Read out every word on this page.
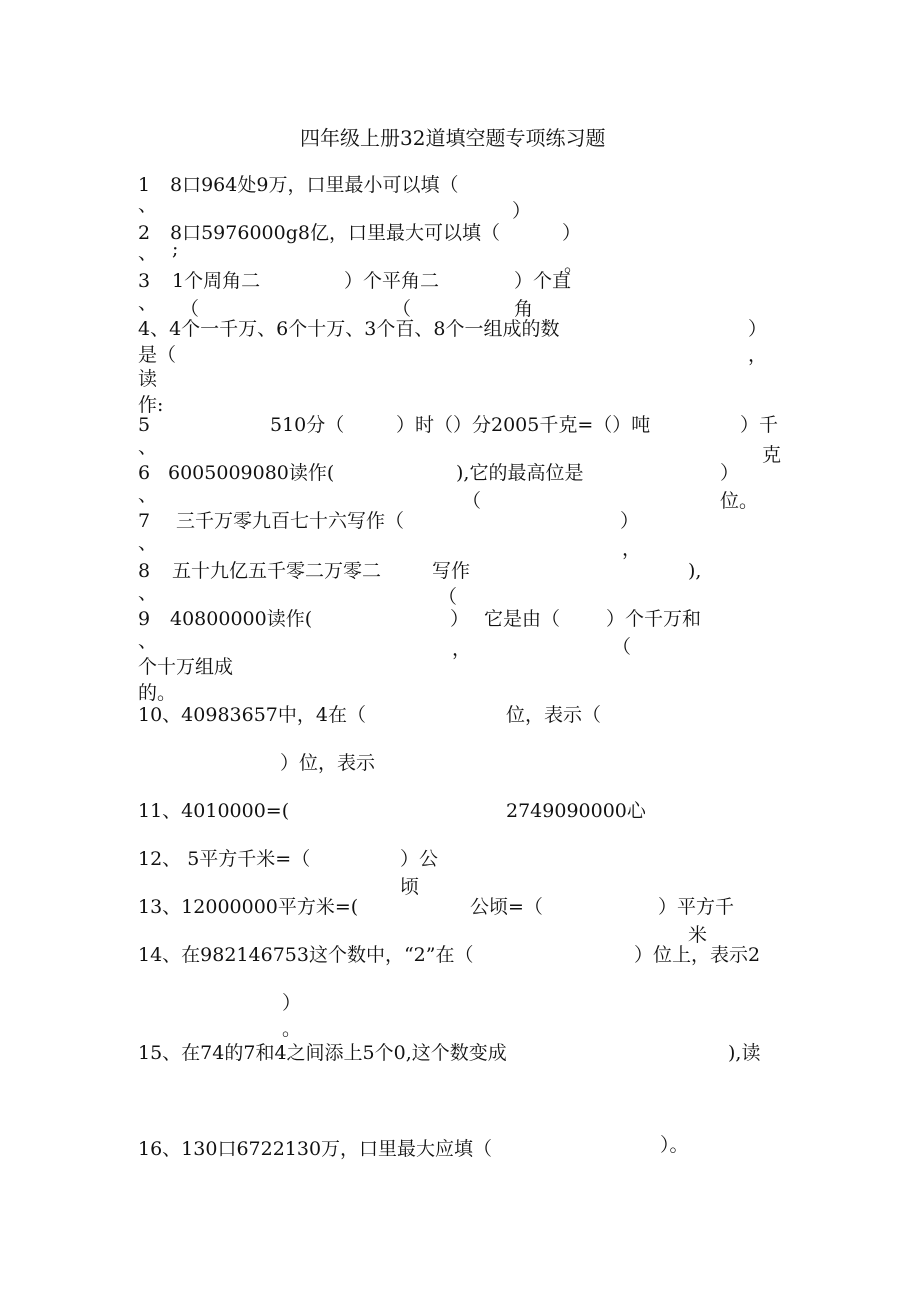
四年级上册32道填空题专项练习题
1
、
8口964处9万，口里最小可以填（
）
2
、
8口5976000g8亿，口里最大可以填（	）
;
3
、
1个周角二	）个平角二	）个直
角
（	（
。
4、4个一千万、6个十万、3个百、8个一组成的数	）
是（	，
读
作:
5
、
510分（	）时（）分2005千克=（）吨	）千
克
6
、
6005009080读作(	),它的最高位是	）
（	位。
7
、
三千万零九百七十六写作（	）
，
8
、
五十九亿五千零二万零二	写作	),
（
9
、
40800000读作(	） 它是由（ ）个千万和
，	（
个十万组成
的。
10、40983657中，4在（	位，表示（
）位，表示
11、4010000=(	2749090000心
12、 5平方千米=（	）公
顷
13、12000000平方米=(	公顷=（	）平方千
米
14、在982146753这个数中，“2”在（	）位上，表示2
）
。
15、在74的7和4之间添上5个0,这个数变成	),读
16、130口6722130万，口里最大应填（	）。
